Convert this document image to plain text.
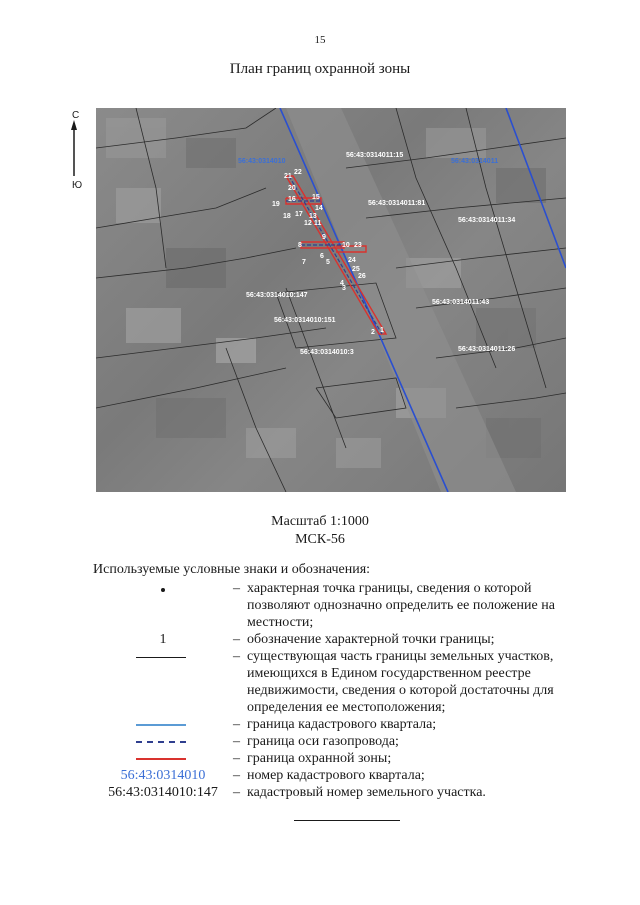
15
План границ охранной зоны
С
Ю
56:43:0314010	56:43:0314011
56:43:0314011:15
56:43:0314011:81
56:43:0314011:34
56:43:0314010:147
56:43:0314011:43
56:43:0314010:151
56:43:0314011:26
56:43:0314010:3
1
2
3
4
5
6
7
8
9
10
11
12
13
14
15
16
17
18
19
20
21
22
23
24
25
26
Масштаб 1:1000
МСК-56
Используемые условные знаки и обозначения:
– характерная точка границы, сведения о которой позволяют однозначно определить ее положение на местности;
1	– обозначение характерной точки границы;
– существующая часть границы земельных участков, имеющихся в Едином государственном реестре недвижимости, сведения о которой достаточны для определения ее местоположения;
– граница кадастрового квартала;
– граница оси газопровода;
– граница охранной зоны;
56:43:0314010	– номер кадастрового квартала;
56:43:0314010:147	– кадастровый номер земельного участка.
